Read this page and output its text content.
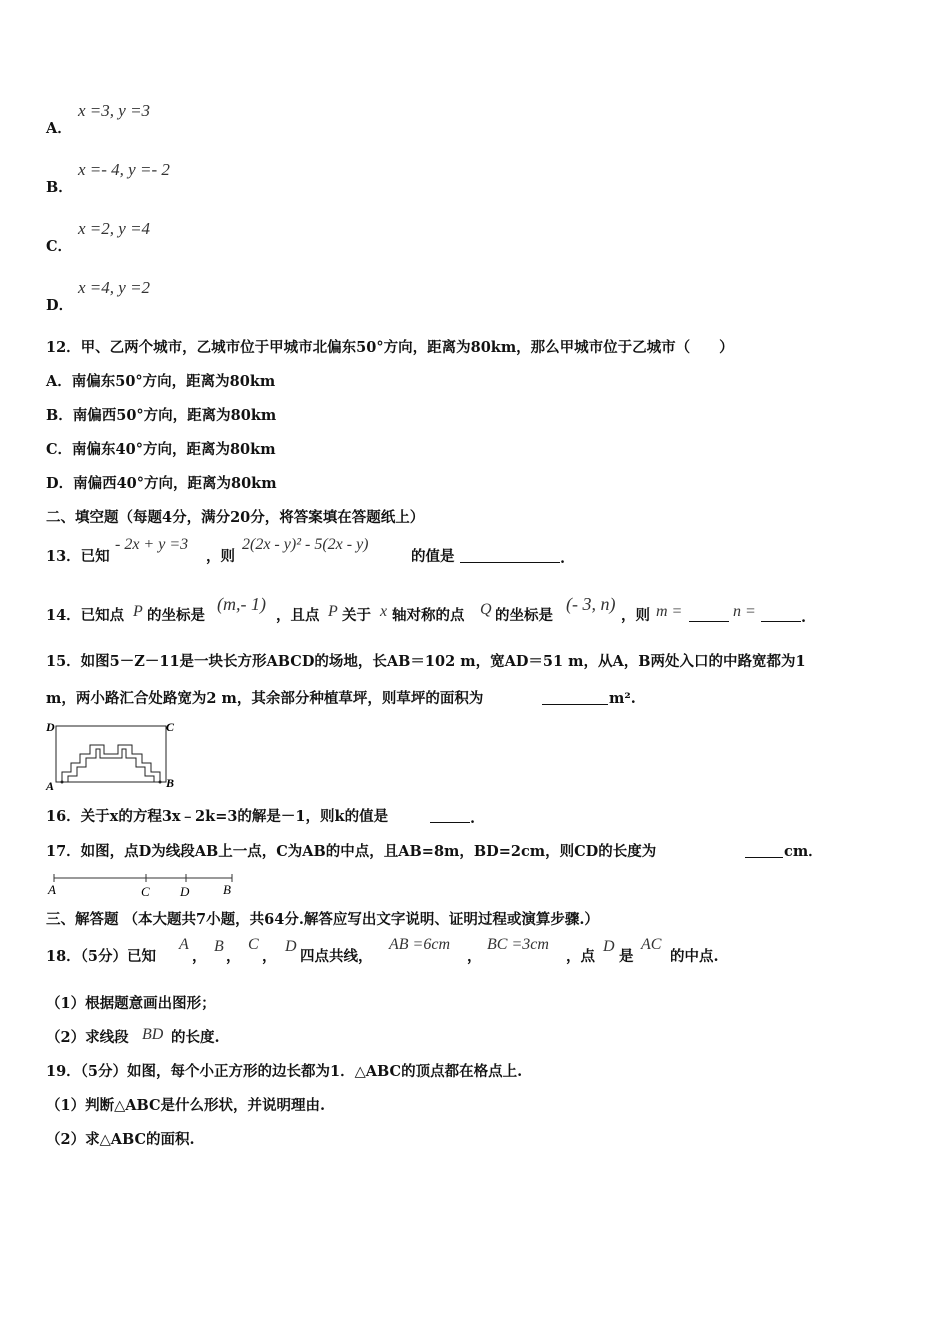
A．
x =3, y =3
B．
x =- 4, y =- 2
C．
x =2, y =4
D．
x =4, y =2
12．甲、乙两个城市，乙城市位于甲城市北偏东50°方向，距离为80km，那么甲城市位于乙城市（　　）
A．南偏东50°方向，距离为80km
B．南偏西50°方向，距离为80km
C．南偏东40°方向，距离为80km
D．南偏西40°方向，距离为80km
二、填空题（每题4分，满分20分，将答案填在答题纸上）
13．已知
- 2x + y =3
，则
2(2x - y)² - 5(2x - y)
的值是	.
14．已知点 P 的坐标是
(m,- 1)
，且点 P 关于 x 轴对称的点 Q 的坐标是
(- 3, n)
，则 m =	n =	.
15．如图5－Z－11是一块长方形ABCD的场地，长AB＝102 m，宽AD＝51 m，从A，B两处入口的中路宽都为1
m，两小路汇合处路宽为2 m，其余部分种植草坪，则草坪的面积为	m².
D	C
A	B
16．关于x的方程3x﹣2k=3的解是－1，则k的值是	.
17．如图，点D为线段AB上一点，C为AB的中点，且AB=8m，BD=2cm，则CD的长度为	cm．
A	C D	B
三、解答题 （本大题共7小题，共64分.解答应写出文字说明、证明过程或演算步骤.）
18．（5分）已知
A
，
B
，
C
，
D
四点共线，
AB =6cm
，
BC =3cm
，点
D
是
AC
的中点.
（1）根据题意画出图形；
（2）求线段 BD 的长度.
19．（5分）如图，每个小正方形的边长都为1．△ABC的顶点都在格点上.
（1）判断△ABC是什么形状，并说明理由.
（2）求△ABC的面积.
